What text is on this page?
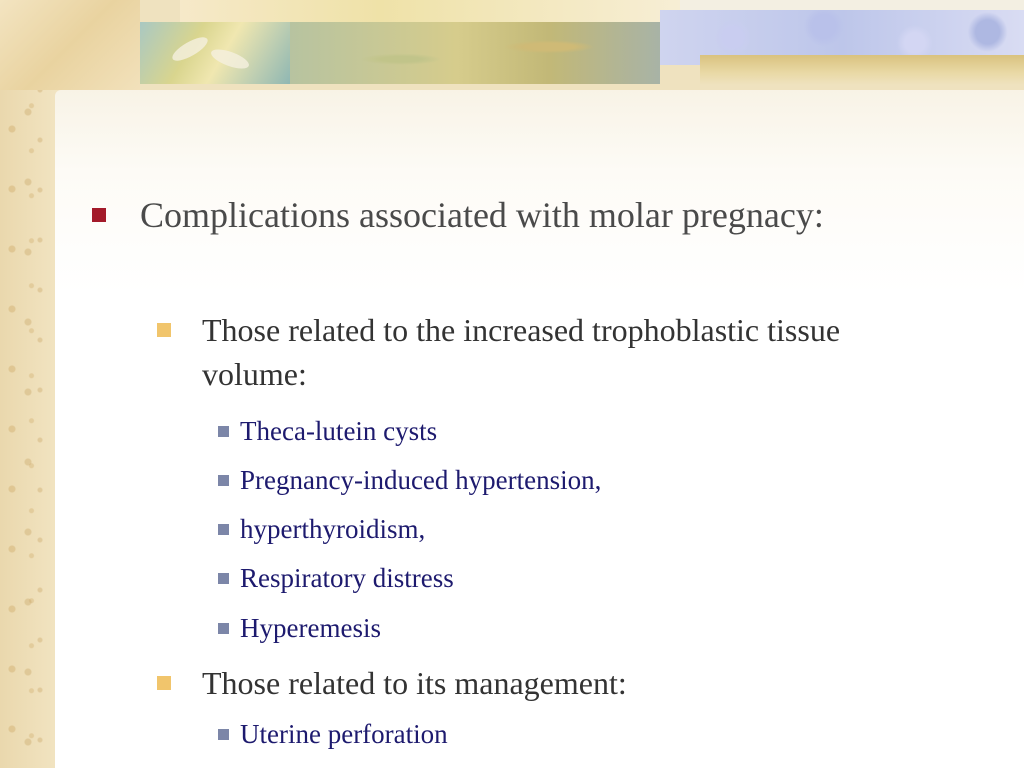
Complications associated with molar pregnacy:
Those related to the increased trophoblastic tissue volume:
Theca-lutein cysts
Pregnancy-induced hypertension,
hyperthyroidism,
Respiratory distress
Hyperemesis
Those related to its management:
Uterine perforation
